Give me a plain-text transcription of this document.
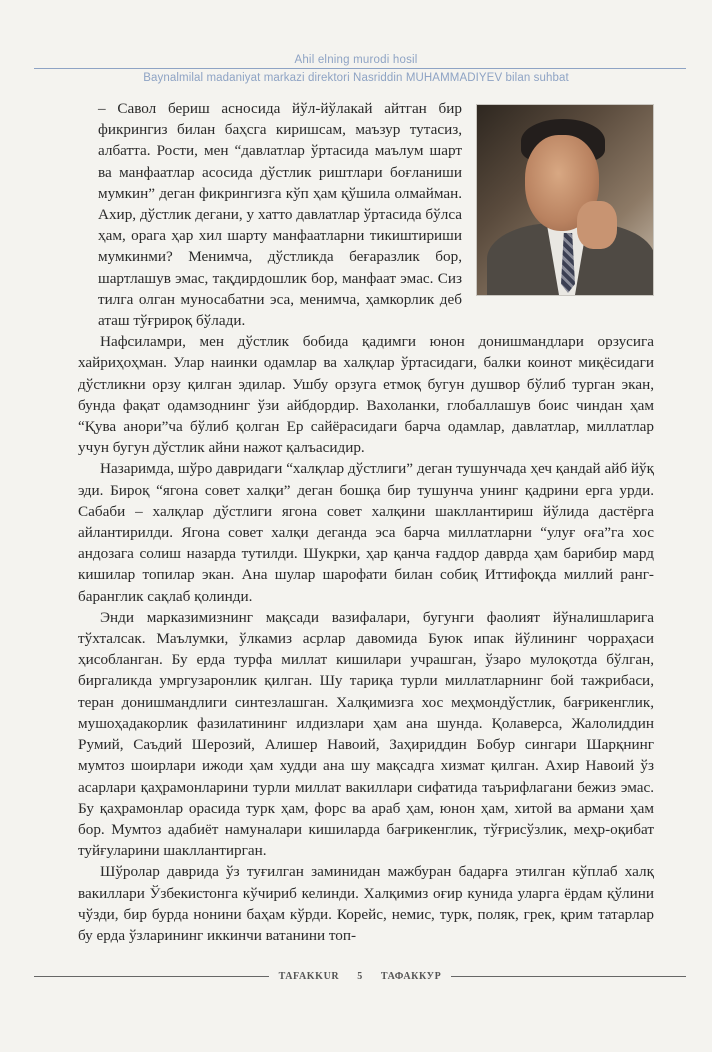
Ahil elning murodi hosil
Baynalmilal madaniyat markazi direktori Nasriddin MUHAMMADIYEV bilan suhbat

– Савол бериш асносида йўл-йўлакай айтган бир фикрингиз билан баҳсга киришсам, маъзур тутасиз, албатта. Рости, мен “давлатлар ўртасида маълум шарт ва манфаатлар асосида дўстлик риштлари боғланиши мумкин” деган фикрингизга кўп ҳам қўшила олмайман. Ахир, дўстлик дегани, у хатто давлатлар ўртасида бўлса ҳам, орага ҳар хил шарту манфаатларни тикиштириши мумкинми? Менимча, дўстликда беғаразлик бор, шартлашув эмас, тақдирдошлик бор, манфаат эмас. Сиз тилга олган муносабатни эса, менимча, ҳамкорлик деб аташ тўғрироқ бўлади.

Нафсиламри, мен дўстлик бобида қадимги юнон донишмандлари орзусига хайриҳоҳман. Улар наинки одамлар ва халқлар ўртасидаги, балки коинот миқёсидаги дўстликни орзу қилган эдилар. Ушбу орзуга етмоқ бугун душвор бўлиб турган экан, бунда фақат одамзоднинг ўзи айбдордир. Вахоланки, глобаллашув боис чиндан ҳам “Қува анори”ча бўлиб қолган Ер сайёрасидаги барча одамлар, давлатлар, миллатлар учун бугун дўстлик айни нажот қалъасидир.

Назаримда, шўро давридаги “халқлар дўстлиги” деган тушунчада ҳеч қандай айб йўқ эди. Бироқ “ягона совет халқи” деган бошқа бир тушунча унинг қадрини ерга урди. Сабаби – халқлар дўстлиги ягона совет халқини шакллантириш йўлида дастёрга айлантирилди. Ягона совет халқи деганда эса барча миллатларни “улуғ оға”га хос андозага солиш назарда тутилди. Шукрки, ҳар қанча ғаддор даврда ҳам барибир мард кишилар топилар экан. Ана шулар шарофати билан собиқ Иттифоқда миллий ранг-баранглик сақлаб қолинди.

Энди марказимизнинг мақсади вазифалари, бугунги фаолият йўналишларига тўхталсак. Маълумки, ўлкамиз асрлар давомида Буюк ипак йўлининг чорраҳаси ҳисобланган. Бу ерда турфа миллат кишилари учрашган, ўзаро мулоқотда бўлган, биргаликда умргузаронлик қилган. Шу тариқа турли миллатларнинг бой тажрибаси, теран донишмандлиги синтезлашган. Халқимизга хос меҳмондўстлик, бағрикенглик, мушоҳадакорлик фазилатининг илдизлари ҳам ана шунда. Қолаверса, Жалолиддин Румий, Саъдий Шерозий, Алишер Навоий, Заҳириддин Бобур сингари Шарқнинг мумтоз шоирлари ижоди ҳам худди ана шу мақсадга хизмат қилган. Ахир Навоий ўз асарлари қаҳрамонларини турли миллат вакиллари сифатида таърифлагани бежиз эмас. Бу қаҳрамонлар орасида турк ҳам, форс ва араб ҳам, юнон ҳам, хитой ва армани ҳам бор. Мумтоз адабиёт намуналари кишиларда бағрикенглик, тўғрисўзлик, меҳр-оқибат туйғуларини шакллантирган.

Шўролар даврида ўз туғилган заминидан мажбуран бадарға этилган кўплаб халқ вакиллари Ўзбекистонга кўчириб келинди. Халқимиз оғир кунида уларга ёрдам қўлини чўзди, бир бурда нонини баҳам кўрди. Корейс, немис, турк, поляк, грек, қрим татарлар бу ерда ўзларининг иккинчи ватанини топ-

TAFAKKUR	5	ТАФАККУР
